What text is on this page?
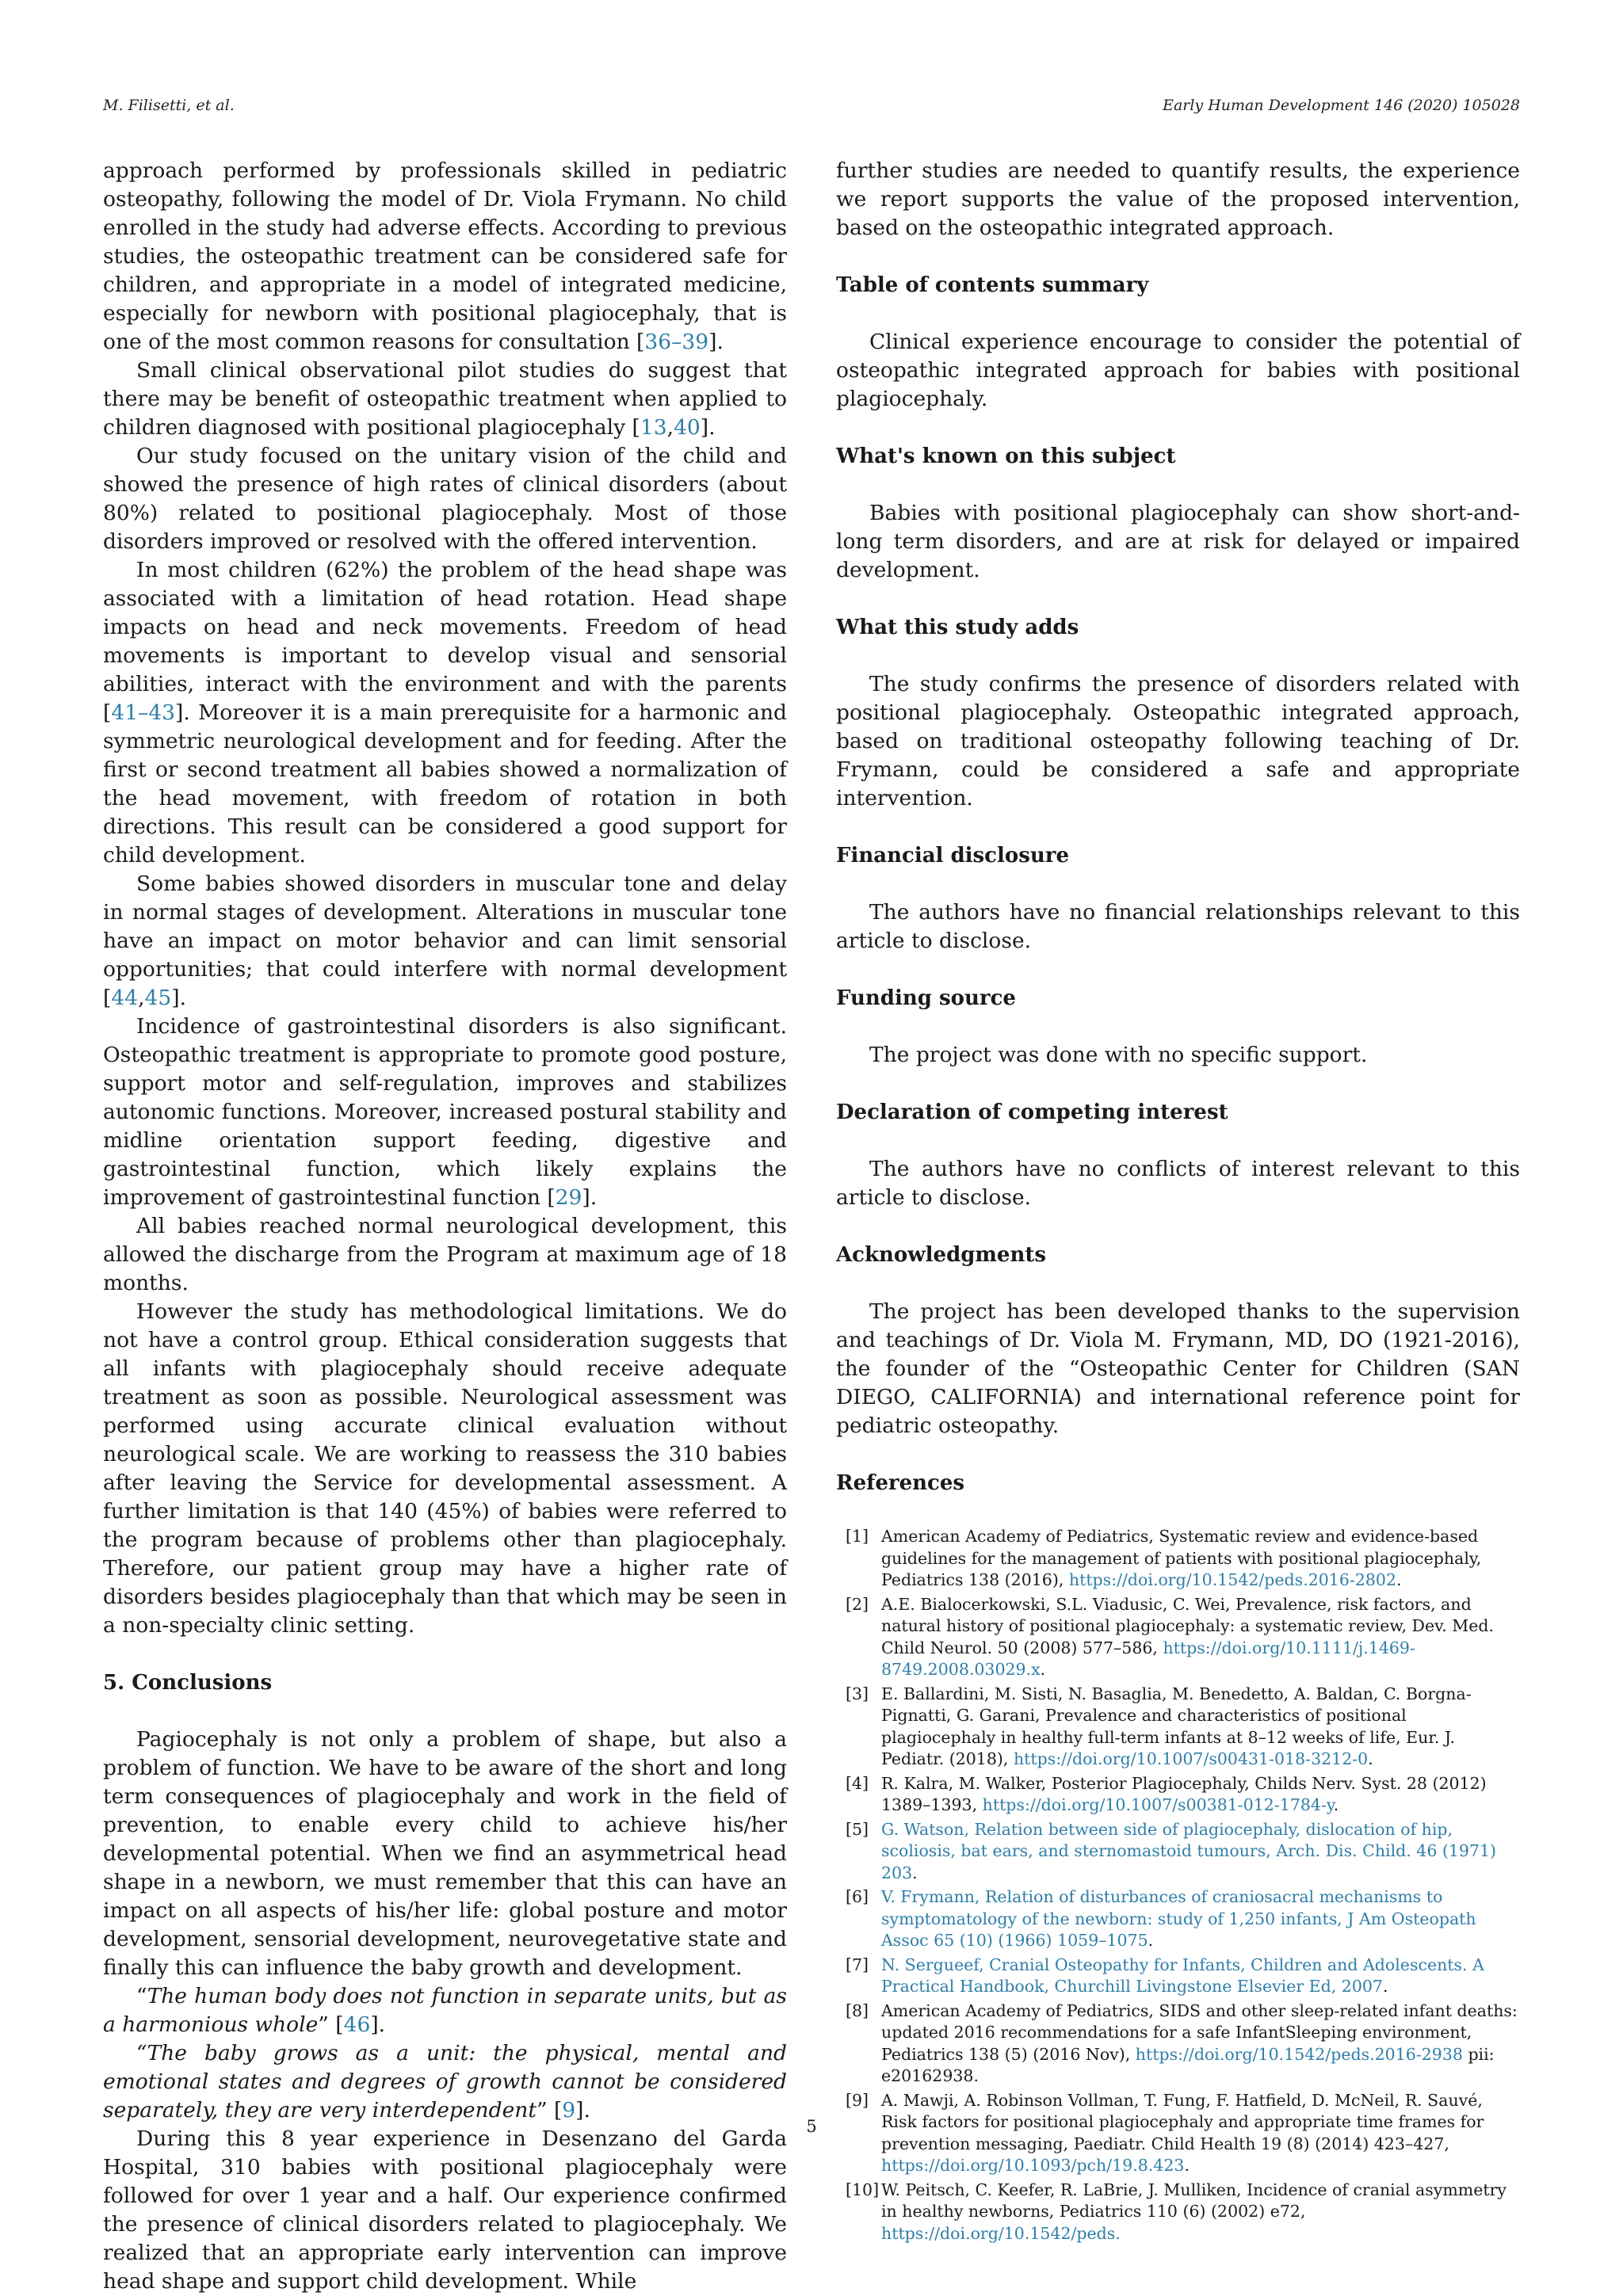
M. Filisetti, et al.	Early Human Development 146 (2020) 105028

approach performed by professionals skilled in pediatric osteopathy, following the model of Dr. Viola Frymann. No child enrolled in the study had adverse effects. According to previous studies, the osteopathic treatment can be considered safe for children, and appropriate in a model of integrated medicine, especially for newborn with positional plagiocephaly, that is one of the most common reasons for consultation [36–39].

Small clinical observational pilot studies do suggest that there may be benefit of osteopathic treatment when applied to children diagnosed with positional plagiocephaly [13,40].

Our study focused on the unitary vision of the child and showed the presence of high rates of clinical disorders (about 80%) related to positional plagiocephaly. Most of those disorders improved or resolved with the offered intervention.

In most children (62%) the problem of the head shape was associated with a limitation of head rotation. Head shape impacts on head and neck movements. Freedom of head movements is important to develop visual and sensorial abilities, interact with the environment and with the parents [41–43]. Moreover it is a main prerequisite for a harmonic and symmetric neurological development and for feeding. After the first or second treatment all babies showed a normalization of the head movement, with freedom of rotation in both directions. This result can be considered a good support for child development.

Some babies showed disorders in muscular tone and delay in normal stages of development. Alterations in muscular tone have an impact on motor behavior and can limit sensorial opportunities; that could interfere with normal development [44,45].

Incidence of gastrointestinal disorders is also significant. Osteopathic treatment is appropriate to promote good posture, support motor and self-regulation, improves and stabilizes autonomic functions. Moreover, increased postural stability and midline orientation support feeding, digestive and gastrointestinal function, which likely explains the improvement of gastrointestinal function [29].

All babies reached normal neurological development, this allowed the discharge from the Program at maximum age of 18 months.

However the study has methodological limitations. We do not have a control group. Ethical consideration suggests that all infants with plagiocephaly should receive adequate treatment as soon as possible. Neurological assessment was performed using accurate clinical evaluation without neurological scale. We are working to reassess the 310 babies after leaving the Service for developmental assessment. A further limitation is that 140 (45%) of babies were referred to the program because of problems other than plagiocephaly. Therefore, our patient group may have a higher rate of disorders besides plagiocephaly than that which may be seen in a non-specialty clinic setting.

5. Conclusions

Pagiocephaly is not only a problem of shape, but also a problem of function. We have to be aware of the short and long term consequences of plagiocephaly and work in the field of prevention, to enable every child to achieve his/her developmental potential. When we find an asymmetrical head shape in a newborn, we must remember that this can have an impact on all aspects of his/her life: global posture and motor development, sensorial development, neurovegetative state and finally this can influence the baby growth and development.

“The human body does not function in separate units, but as a harmonious whole” [46].

“The baby grows as a unit: the physical, mental and emotional states and degrees of growth cannot be considered separately, they are very interdependent” [9].

During this 8 year experience in Desenzano del Garda Hospital, 310 babies with positional plagiocephaly were followed for over 1 year and a half. Our experience confirmed the presence of clinical disorders related to plagiocephaly. We realized that an appropriate early intervention can improve head shape and support child development. While

further studies are needed to quantify results, the experience we report supports the value of the proposed intervention, based on the osteopathic integrated approach.

Table of contents summary

Clinical experience encourage to consider the potential of osteopathic integrated approach for babies with positional plagiocephaly.

What's known on this subject

Babies with positional plagiocephaly can show short-and-long term disorders, and are at risk for delayed or impaired development.

What this study adds

The study confirms the presence of disorders related with positional plagiocephaly. Osteopathic integrated approach, based on traditional osteopathy following teaching of Dr. Frymann, could be considered a safe and appropriate intervention.

Financial disclosure

The authors have no financial relationships relevant to this article to disclose.

Funding source

The project was done with no specific support.

Declaration of competing interest

The authors have no conflicts of interest relevant to this article to disclose.

Acknowledgments

The project has been developed thanks to the supervision and teachings of Dr. Viola M. Frymann, MD, DO (1921-2016), the founder of the “Osteopathic Center for Children (SAN DIEGO, CALIFORNIA) and international reference point for pediatric osteopathy.

References
[1] American Academy of Pediatrics, Systematic review and evidence-based guidelines for the management of patients with positional plagiocephaly, Pediatrics 138 (2016), https://doi.org/10.1542/peds.2016-2802.
[2] A.E. Bialocerkowski, S.L. Viadusic, C. Wei, Prevalence, risk factors, and natural history of positional plagiocephaly: a systematic review, Dev. Med. Child Neurol. 50 (2008) 577–586, https://doi.org/10.1111/j.1469-8749.2008.03029.x.
[3] E. Ballardini, M. Sisti, N. Basaglia, M. Benedetto, A. Baldan, C. Borgna-Pignatti, G. Garani, Prevalence and characteristics of positional plagiocephaly in healthy full-term infants at 8–12 weeks of life, Eur. J. Pediatr. (2018), https://doi.org/10.1007/s00431-018-3212-0.
[4] R. Kalra, M. Walker, Posterior Plagiocephaly, Childs Nerv. Syst. 28 (2012) 1389–1393, https://doi.org/10.1007/s00381-012-1784-y.
[5] G. Watson, Relation between side of plagiocephaly, dislocation of hip, scoliosis, bat ears, and sternomastoid tumours, Arch. Dis. Child. 46 (1971) 203.
[6] V. Frymann, Relation of disturbances of craniosacral mechanisms to symptomatology of the newborn: study of 1,250 infants, J Am Osteopath Assoc 65 (10) (1966) 1059–1075.
[7] N. Sergueef, Cranial Osteopathy for Infants, Children and Adolescents. A Practical Handbook, Churchill Livingstone Elsevier Ed, 2007.
[8] American Academy of Pediatrics, SIDS and other sleep-related infant deaths: updated 2016 recommendations for a safe InfantSleeping environment, Pediatrics 138 (5) (2016 Nov), https://doi.org/10.1542/peds.2016-2938 pii: e20162938.
[9] A. Mawji, A. Robinson Vollman, T. Fung, F. Hatfield, D. McNeil, R. Sauvé, Risk factors for positional plagiocephaly and appropriate time frames for prevention messaging, Paediatr. Child Health 19 (8) (2014) 423–427, https://doi.org/10.1093/pch/19.8.423.
[10] W. Peitsch, C. Keefer, R. LaBrie, J. Mulliken, Incidence of cranial asymmetry in healthy newborns, Pediatrics 110 (6) (2002) e72, https://doi.org/10.1542/peds.
5
